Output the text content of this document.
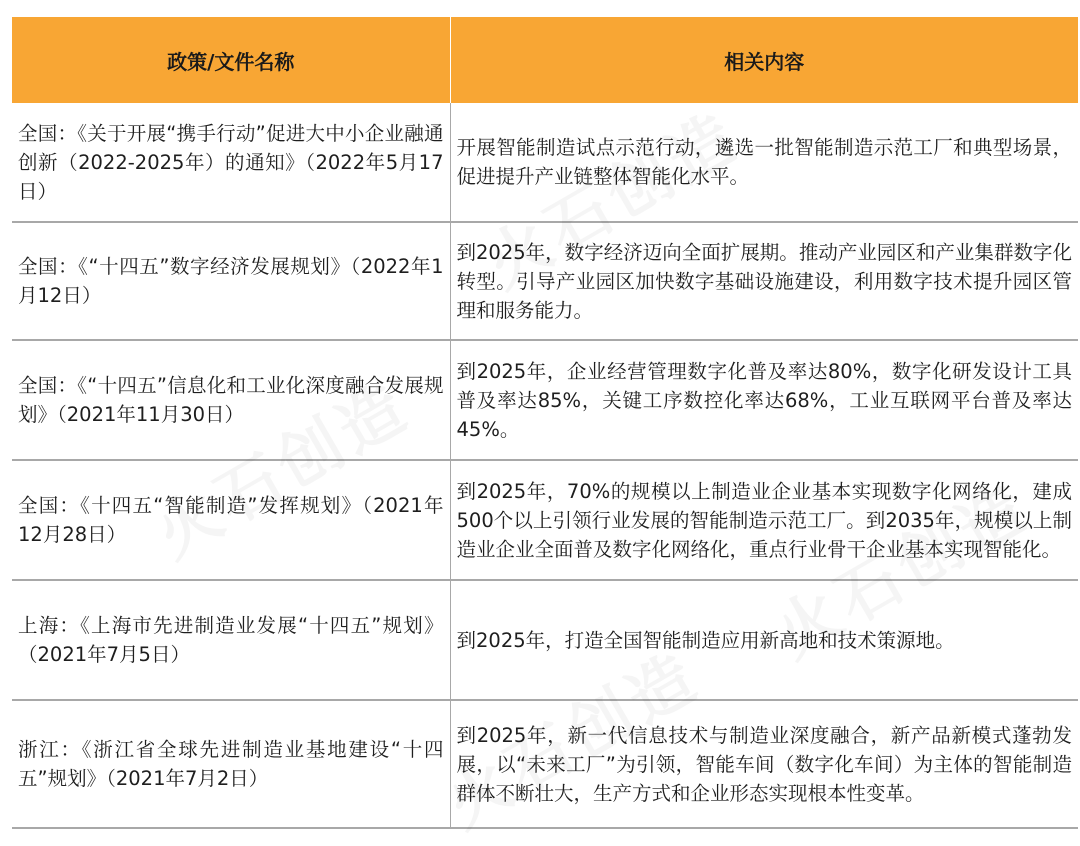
政策/文件名称	相关内容
全国：《关于开展“携手行动”促进大中小企业融通创新（2022-2025年）的通知》（2022年5月17日）	开展智能制造试点示范行动，遴选一批智能制造示范工厂和典型场景，促进提升产业链整体智能化水平。
全国：《“十四五”数字经济发展规划》（2022年1月12日）	到2025年，数字经济迈向全面扩展期。推动产业园区和产业集群数字化转型。引导产业园区加快数字基础设施建设，利用数字技术提升园区管理和服务能力。
全国：《“十四五”信息化和工业化深度融合发展规划》（2021年11月30日）	到2025年，企业经营管理数字化普及率达80%，数字化研发设计工具普及率达85%，关键工序数控化率达68%，工业互联网平台普及率达45%。
全国：《十四五“智能制造”发挥规划》（2021年12月28日）	到2025年，70%的规模以上制造业企业基本实现数字化网络化，建成500个以上引领行业发展的智能制造示范工厂。到2035年，规模以上制造业企业全面普及数字化网络化，重点行业骨干企业基本实现智能化。
上海：《上海市先进制造业发展“十四五”规划》（2021年7月5日）	到2025年，打造全国智能制造应用新高地和技术策源地。
浙江：《浙江省全球先进制造业基地建设“十四五”规划》（2021年7月2日）	到2025年，新一代信息技术与制造业深度融合，新产品新模式蓬勃发展，以“未来工厂”为引领，智能车间（数字化车间）为主体的智能制造群体不断壮大，生产方式和企业形态实现根本性变革。
